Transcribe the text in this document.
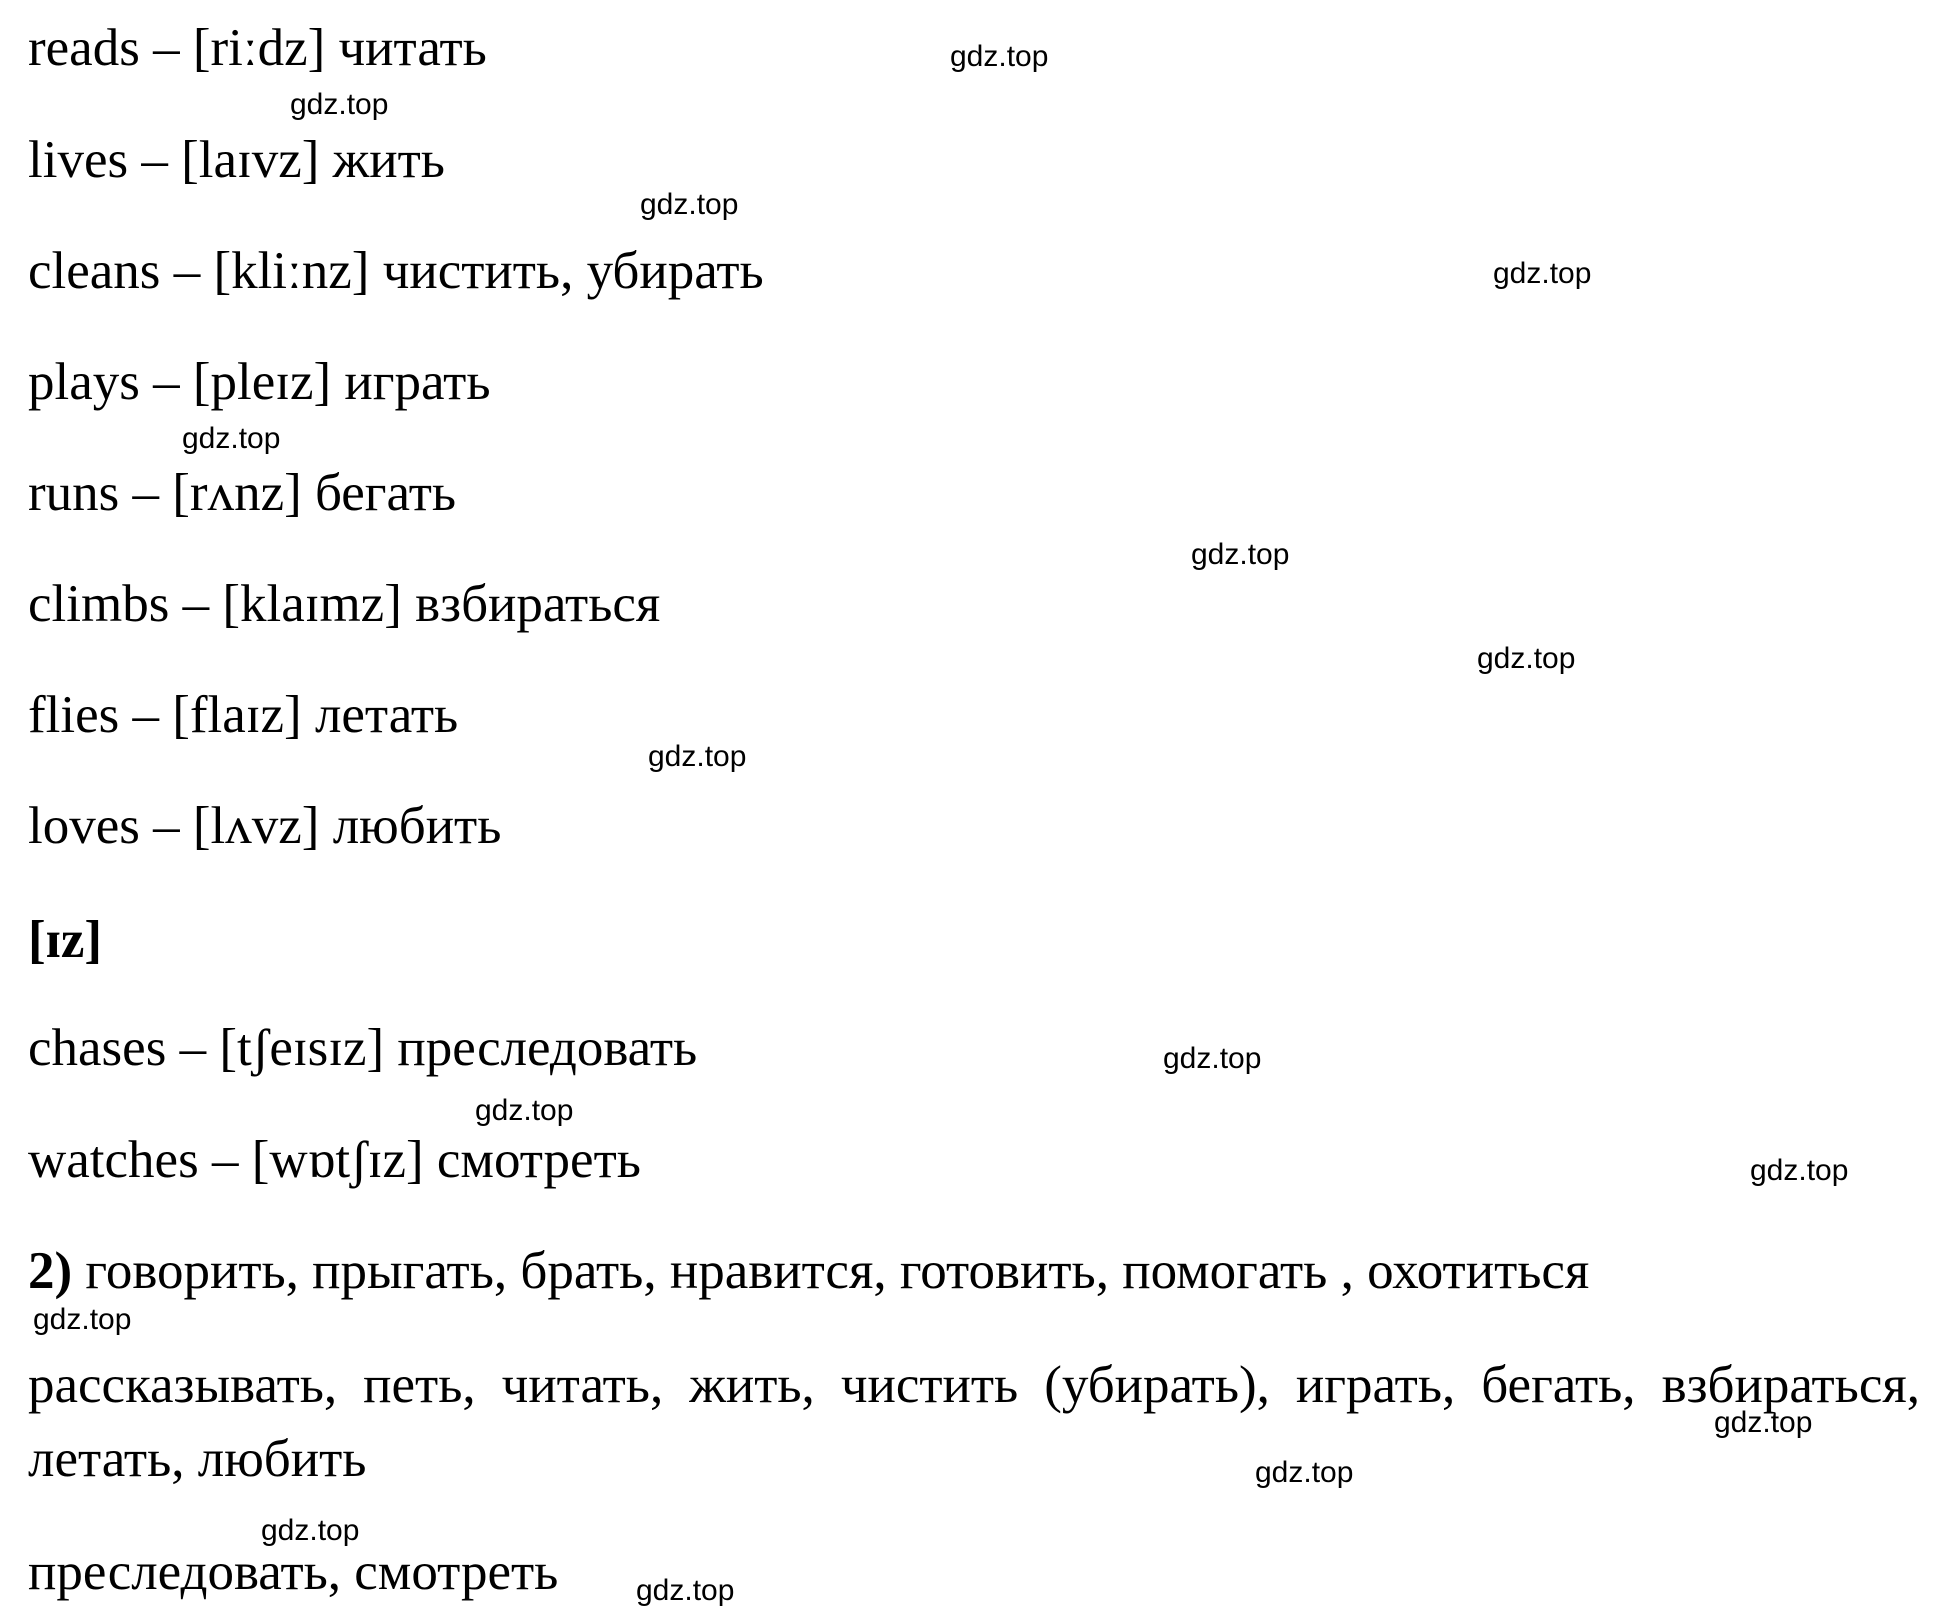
reads – [riːdz] читать
lives – [laɪvz] жить
cleans – [kliːnz] чистить, убирать
plays – [pleɪz] играть
runs – [rʌnz] бегать
climbs – [klaɪmz] взбираться
flies – [flaɪz] летать
loves – [lʌvz] любить
[ɪz]
chases – [tʃeɪsɪz] преследовать
watches – [wɒtʃɪz] смотреть
2) говорить, прыгать, брать, нравится, готовить, помогать , охотиться
рассказывать, петь, читать, жить, чистить (убирать), играть, бегать, взбираться, летать, любить
преследовать, смотреть
gdz.top
gdz.top
gdz.top
gdz.top
gdz.top
gdz.top
gdz.top
gdz.top
gdz.top
gdz.top
gdz.top
gdz.top
gdz.top
gdz.top
gdz.top
gdz.top
